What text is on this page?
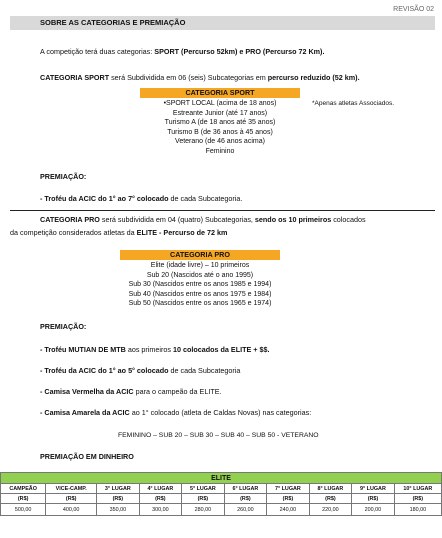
REVISÃO 02
SOBRE AS CATEGORIAS E PREMIAÇÃO
A competição terá duas categorias: SPORT (Percurso 52km) e PRO (Percurso 72 Km).
CATEGORIA SPORT será Subdividida em 06 (seis) Subcategorias em percurso reduzido (52 km).
CATEGORIA SPORT
•SPORT LOCAL (acima de 18 anos)
Estreante Junior (até 17 anos)
Turismo A (de 18 anos até 35 anos)
Turismo B (de 36 anos à 45 anos)
Veterano (de 46 anos acima)
Feminino
*Apenas atletas Associados.
PREMIAÇÃO:
- Troféu da ACIC do 1° ao 7° colocado de cada Subcategoria.
CATEGORIA PRO será subdividida em 04 (quatro) Subcategorias, sendo os 10 primeiros colocados
da competição considerados atletas da ELITE - Percurso de 72 km
CATEGORIA PRO
Elite (idade livre) – 10 primeiros
Sub 20 (Nascidos até o ano 1995)
Sub 30 (Nascidos entre os anos 1985 e 1994)
Sub 40 (Nascidos entre os anos 1975 e 1984)
Sub 50 (Nascidos entre os anos 1965 e 1974)
PREMIAÇÃO:
- Troféu MUTIAN DE MTB aos primeiros 10 colocados da ELITE + $$.
- Troféu da ACIC do 1° ao 5° colocado de cada Subcategoria
- Camisa Vermelha da ACIC para o campeão da ELITE.
- Camisa Amarela da ACIC ao 1° colocado (atleta de Caldas Novas) nas categorias:
FEMININO – SUB 20 – SUB 30 – SUB 40 – SUB 50 - VETERANO
PREMIAÇÃO EM DINHEIRO
ELITE									
CAMPEÃO	VICE-CAMP.	3° LUGAR	4° LUGAR	5° LUGAR	6° LUGAR	7° LUGAR	8° LUGAR	9° LUGAR	10° LUGAR
(R$)	(R$)	(R$)	(R$)	(R$)	(R$)	(R$)	(R$)	(R$)	(R$)
500,00	400,00	350,00	300,00	280,00	260,00	240,00	220,00	200,00	180,00
